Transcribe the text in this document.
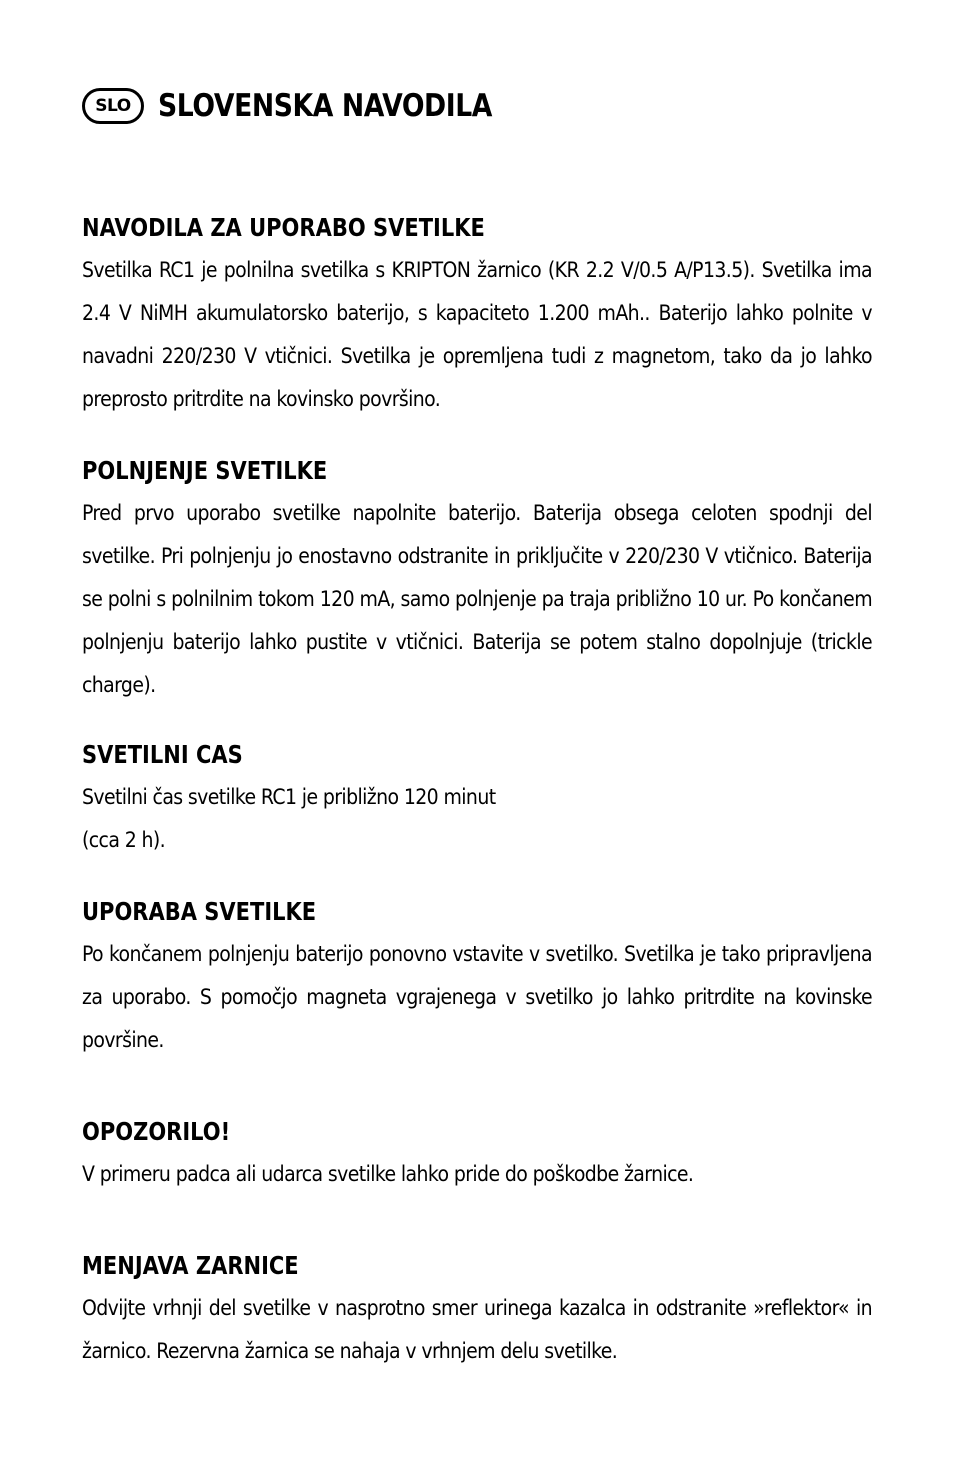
SLO SLOVENSKA NAVODILA
NAVODILA ZA UPORABO SVETILKE

Svetilka RC1 je polnilna svetilka s KRIPTON žarnico (KR 2.2 V/0.5 A/P13.5). Svetilka ima 2.4 V NiMH akumulatorsko baterijo, s kapaciteto 1.200 mAh.. Baterijo lahko polnite v navadni 220/230 V vtičnici. Svetilka je opremljena tudi z magnetom, tako da jo lahko preprosto pritrdite na kovinsko površino.

POLNJENJE SVETILKE

Pred prvo uporabo svetilke napolnite baterijo. Baterija obsega celoten spodnji del svetilke. Pri polnjenju jo enostavno odstranite in priključite v 220/230 V vtičnico. Baterija se polni s polnilnim tokom 120 mA, samo polnjenje pa traja približno 10 ur. Po končanem polnjenju baterijo lahko pustite v vtičnici. Baterija se potem stalno dopolnjuje (trickle charge).

SVETILNI CAS

Svetilni čas svetilke RC1 je približno 120 minut
(cca 2 h).

UPORABA SVETILKE

Po končanem polnjenju baterijo ponovno vstavite v svetilko. Svetilka je tako pripravljena za uporabo. S pomočjo magneta vgrajenega v svetilko jo lahko pritrdite na kovinske površine.

OPOZORILO!

V primeru padca ali udarca svetilke lahko pride do poškodbe žarnice.

MENJAVA ZARNICE

Odvijte vrhnji del svetilke v nasprotno smer urinega kazalca in odstranite »reflektor« in žarnico. Rezervna žarnica se nahaja v vrhnjem delu svetilke.
